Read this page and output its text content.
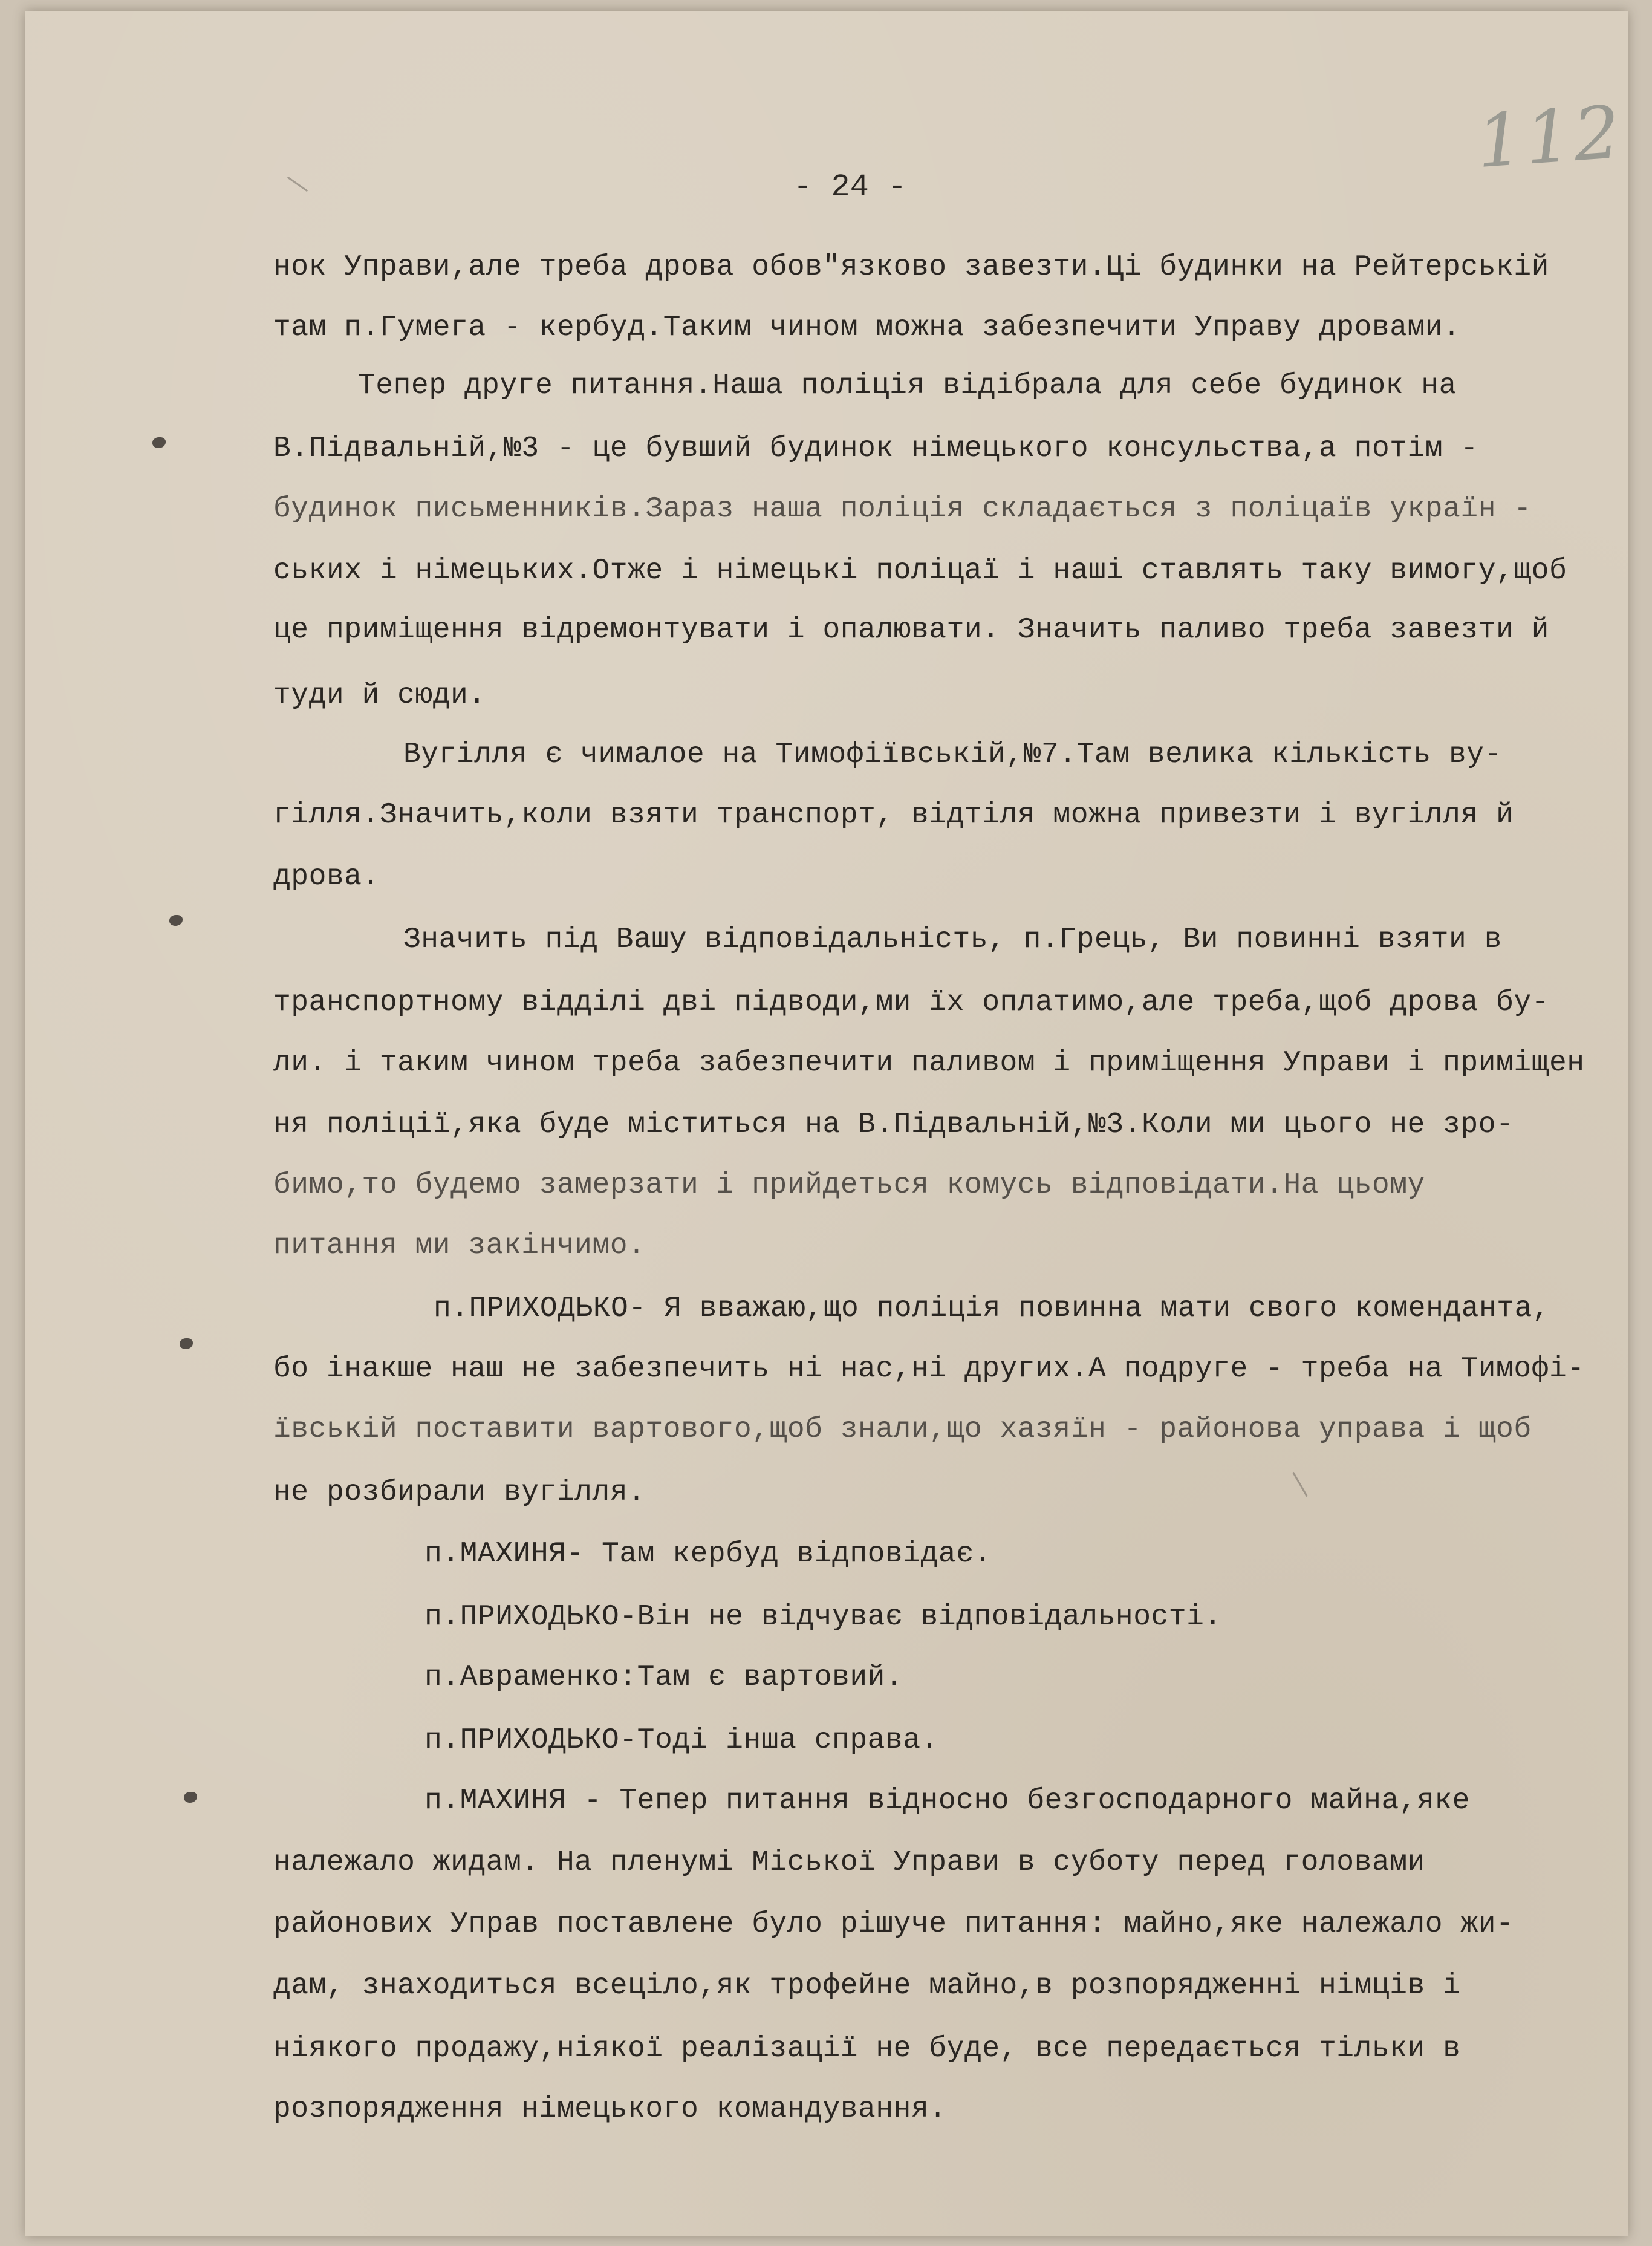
112
- 24 -
нок Управи,але треба дрова обов"язково завезти.Ці будинки на Рейтерській
там п.Гумега - кербуд.Таким чином можна забезпечити Управу дровами.
Тепер друге питання.Наша поліція відібрала для себе будинок на
В.Підвальній,№3 - це бувший будинок німецького консульства,а потім -
будинок письменників.Зараз наша поліція складається з поліцаїв україн -
ських і німецьких.Отже і німецькі поліцаї і наші ставлять таку вимогу,щоб
це приміщення відремонтувати і опалювати. Значить паливо треба завезти й
туди й сюди.
Вугілля є чималое на Тимофіївській,№7.Там велика кількість ву-
гілля.Значить,коли взяти транспорт, відтіля можна привезти і вугілля й
дрова.
Значить під Вашу відповідальність, п.Грець, Ви повинні взяти в
транспортному відділі дві підводи,ми їх оплатимо,але треба,щоб дрова бу-
ли. і таким чином треба забезпечити паливом і приміщення Управи і приміщен
ня поліції,яка буде міститься на В.Підвальній,№3.Коли ми цього не зро-
бимо,то будемо замерзати і прийдеться комусь відповідати.На цьому
питання ми закінчимо.
п.ПРИХОДЬКО- Я вважаю,що поліція повинна мати свого коменданта,
бо інакше наш не забезпечить ні нас,ні других.А подруге - треба на Тимофі-
ївській поставити вартового,щоб знали,що хазяїн - районова управа і щоб
не розбирали вугілля.
п.МАХИНЯ- Там кербуд відповідає.
п.ПРИХОДЬКО-Він не відчуває відповідальності.
п.Авраменко:Там є вартовий.
п.ПРИХОДЬКО-Тоді інша справа.
п.МАХИНЯ - Тепер питання відносно безгосподарного майна,яке
належало жидам. На пленумі Міської Управи в суботу перед головами
районових Управ поставлене було рішуче питання: майно,яке належало жи-
дам, знаходиться всеціло,як трофейне майно,в розпорядженні німців і
ніякого продажу,ніякої реалізації не буде, все передається тільки в
розпорядження німецького командування.
